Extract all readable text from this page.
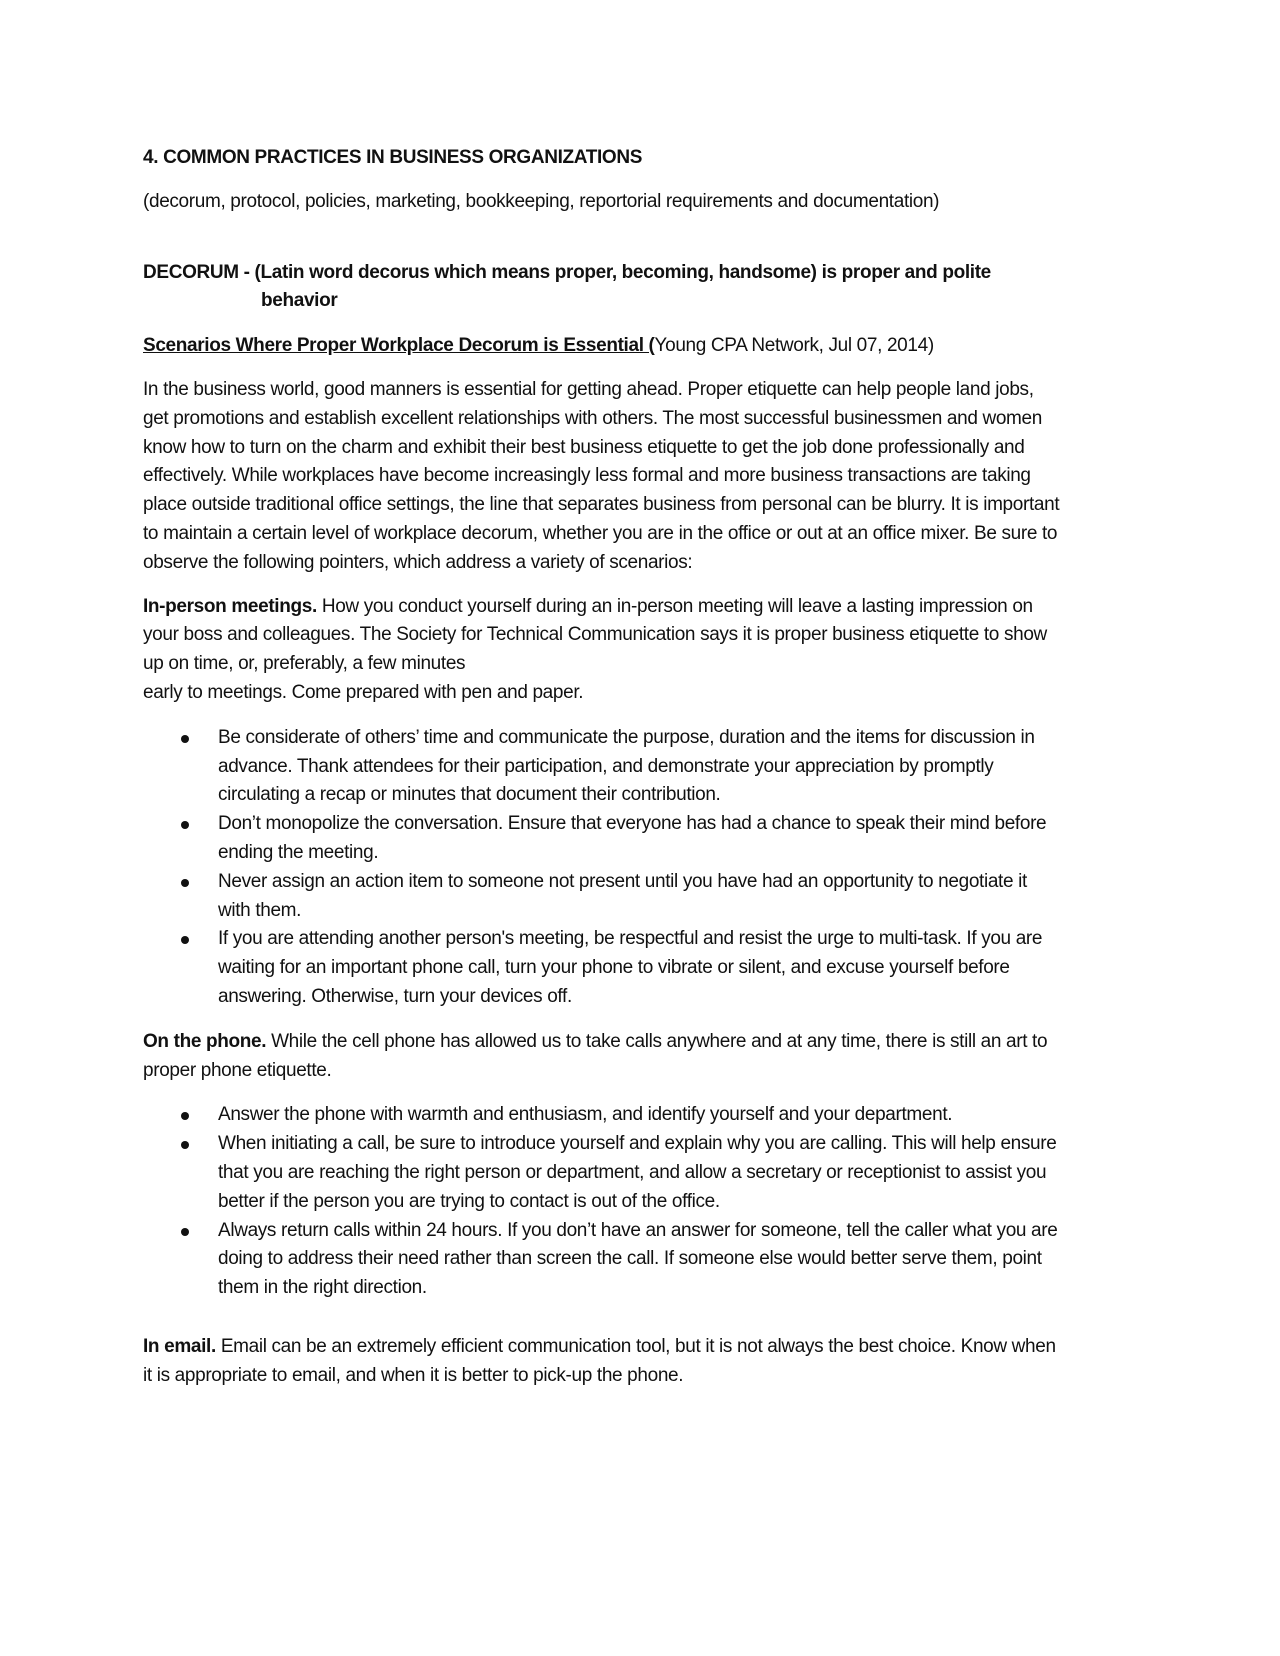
4. COMMON PRACTICES IN BUSINESS ORGANIZATIONS

(decorum, protocol, policies, marketing, bookkeeping, reportorial requirements and documentation)

DECORUM - (Latin word decorus which means proper, becoming, handsome) is proper and polite
behavior

Scenarios Where Proper Workplace Decorum is Essential (Young CPA Network, Jul 07, 2014)

In the business world, good manners is essential for getting ahead. Proper etiquette can help people land jobs, get promotions and establish excellent relationships with others. The most successful businessmen and women know how to turn on the charm and exhibit their best business etiquette to get the job done professionally and effectively. While workplaces have become increasingly less formal and more business transactions are taking place outside traditional office settings, the line that separates business from personal can be blurry. It is important to maintain a certain level of workplace decorum, whether you are in the office or out at an office mixer. Be sure to observe the following pointers, which address a variety of scenarios:

In-person meetings. How you conduct yourself during an in-person meeting will leave a lasting impression on your boss and colleagues. The Society for Technical Communication says it is proper business etiquette to show up on time, or, preferably, a few minutes
early to meetings. Come prepared with pen and paper.

Be considerate of others’ time and communicate the purpose, duration and the items for discussion in advance. Thank attendees for their participation, and demonstrate your appreciation by promptly circulating a recap or minutes that document their contribution.
Don’t monopolize the conversation. Ensure that everyone has had a chance to speak their mind before ending the meeting.
Never assign an action item to someone not present until you have had an opportunity to negotiate it with them.
If you are attending another person's meeting, be respectful and resist the urge to multi-task. If you are waiting for an important phone call, turn your phone to vibrate or silent, and excuse yourself before answering. Otherwise, turn your devices off.

On the phone. While the cell phone has allowed us to take calls anywhere and at any time, there is still an art to proper phone etiquette.

Answer the phone with warmth and enthusiasm, and identify yourself and your department.
When initiating a call, be sure to introduce yourself and explain why you are calling. This will help ensure that you are reaching the right person or department, and allow a secretary or receptionist to assist you better if the person you are trying to contact is out of the office.
Always return calls within 24 hours. If you don’t have an answer for someone, tell the caller what you are doing to address their need rather than screen the call. If someone else would better serve them, point them in the right direction.

In email. Email can be an extremely efficient communication tool, but it is not always the best choice. Know when it is appropriate to email, and when it is better to pick-up the phone.
